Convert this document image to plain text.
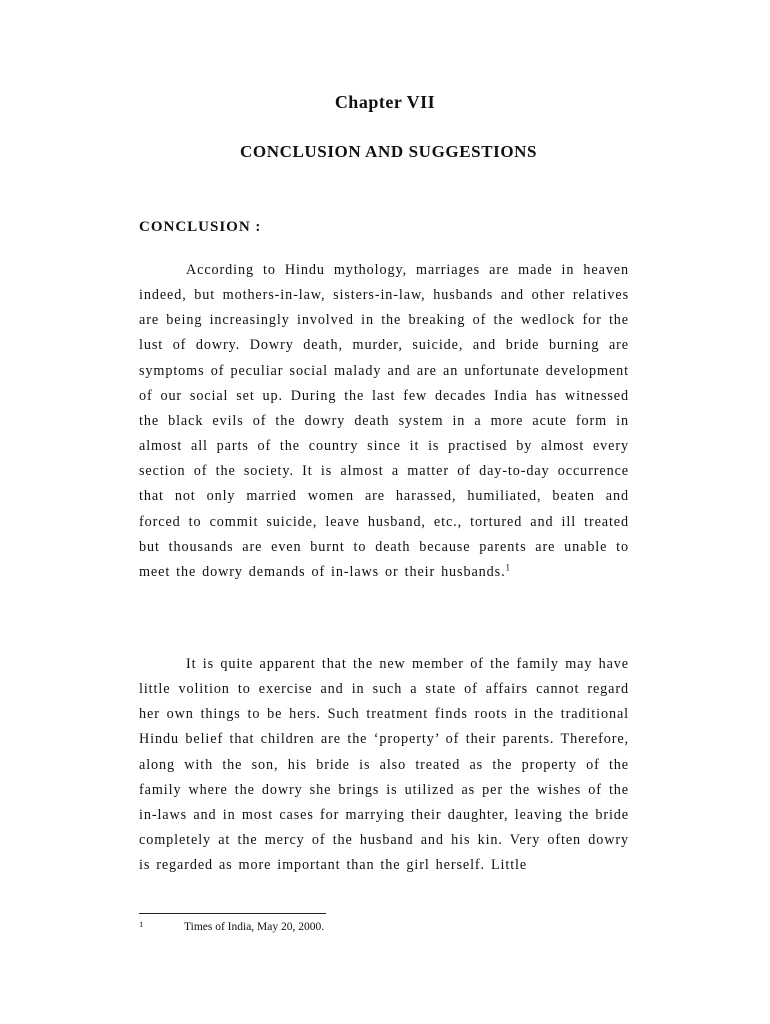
Chapter VII
CONCLUSION AND SUGGESTIONS
CONCLUSION :

According to Hindu mythology, marriages are made in heaven indeed, but mothers-in-law, sisters-in-law, husbands and other relatives are being increasingly involved in the breaking of the wedlock for the lust of dowry. Dowry death, murder, suicide, and bride burning are symptoms of peculiar social malady and are an unfortunate development of our social set up. During the last few decades India has witnessed the black evils of the dowry death system in a more acute form in almost all parts of the country since it is practised by almost every section of the society. It is almost a matter of day-to-day occurrence that not only married women are harassed, humiliated, beaten and forced to commit suicide, leave husband, etc., tortured and ill treated but thousands are even burnt to death because parents are unable to meet the dowry demands of in-laws or their husbands.$^1$

It is quite apparent that the new member of the family may have little volition to exercise and in such a state of affairs cannot regard her own things to be hers. Such treatment finds roots in the traditional Hindu belief that children are the ‘property’ of their parents. Therefore, along with the son, his bride is also treated as the property of the family where the dowry she brings is utilized as per the wishes of the in-laws and in most cases for marrying their daughter, leaving the bride completely at the mercy of the husband and his kin. Very often dowry is regarded as more important than the girl herself. Little

1	Times of India, May 20, 2000.
